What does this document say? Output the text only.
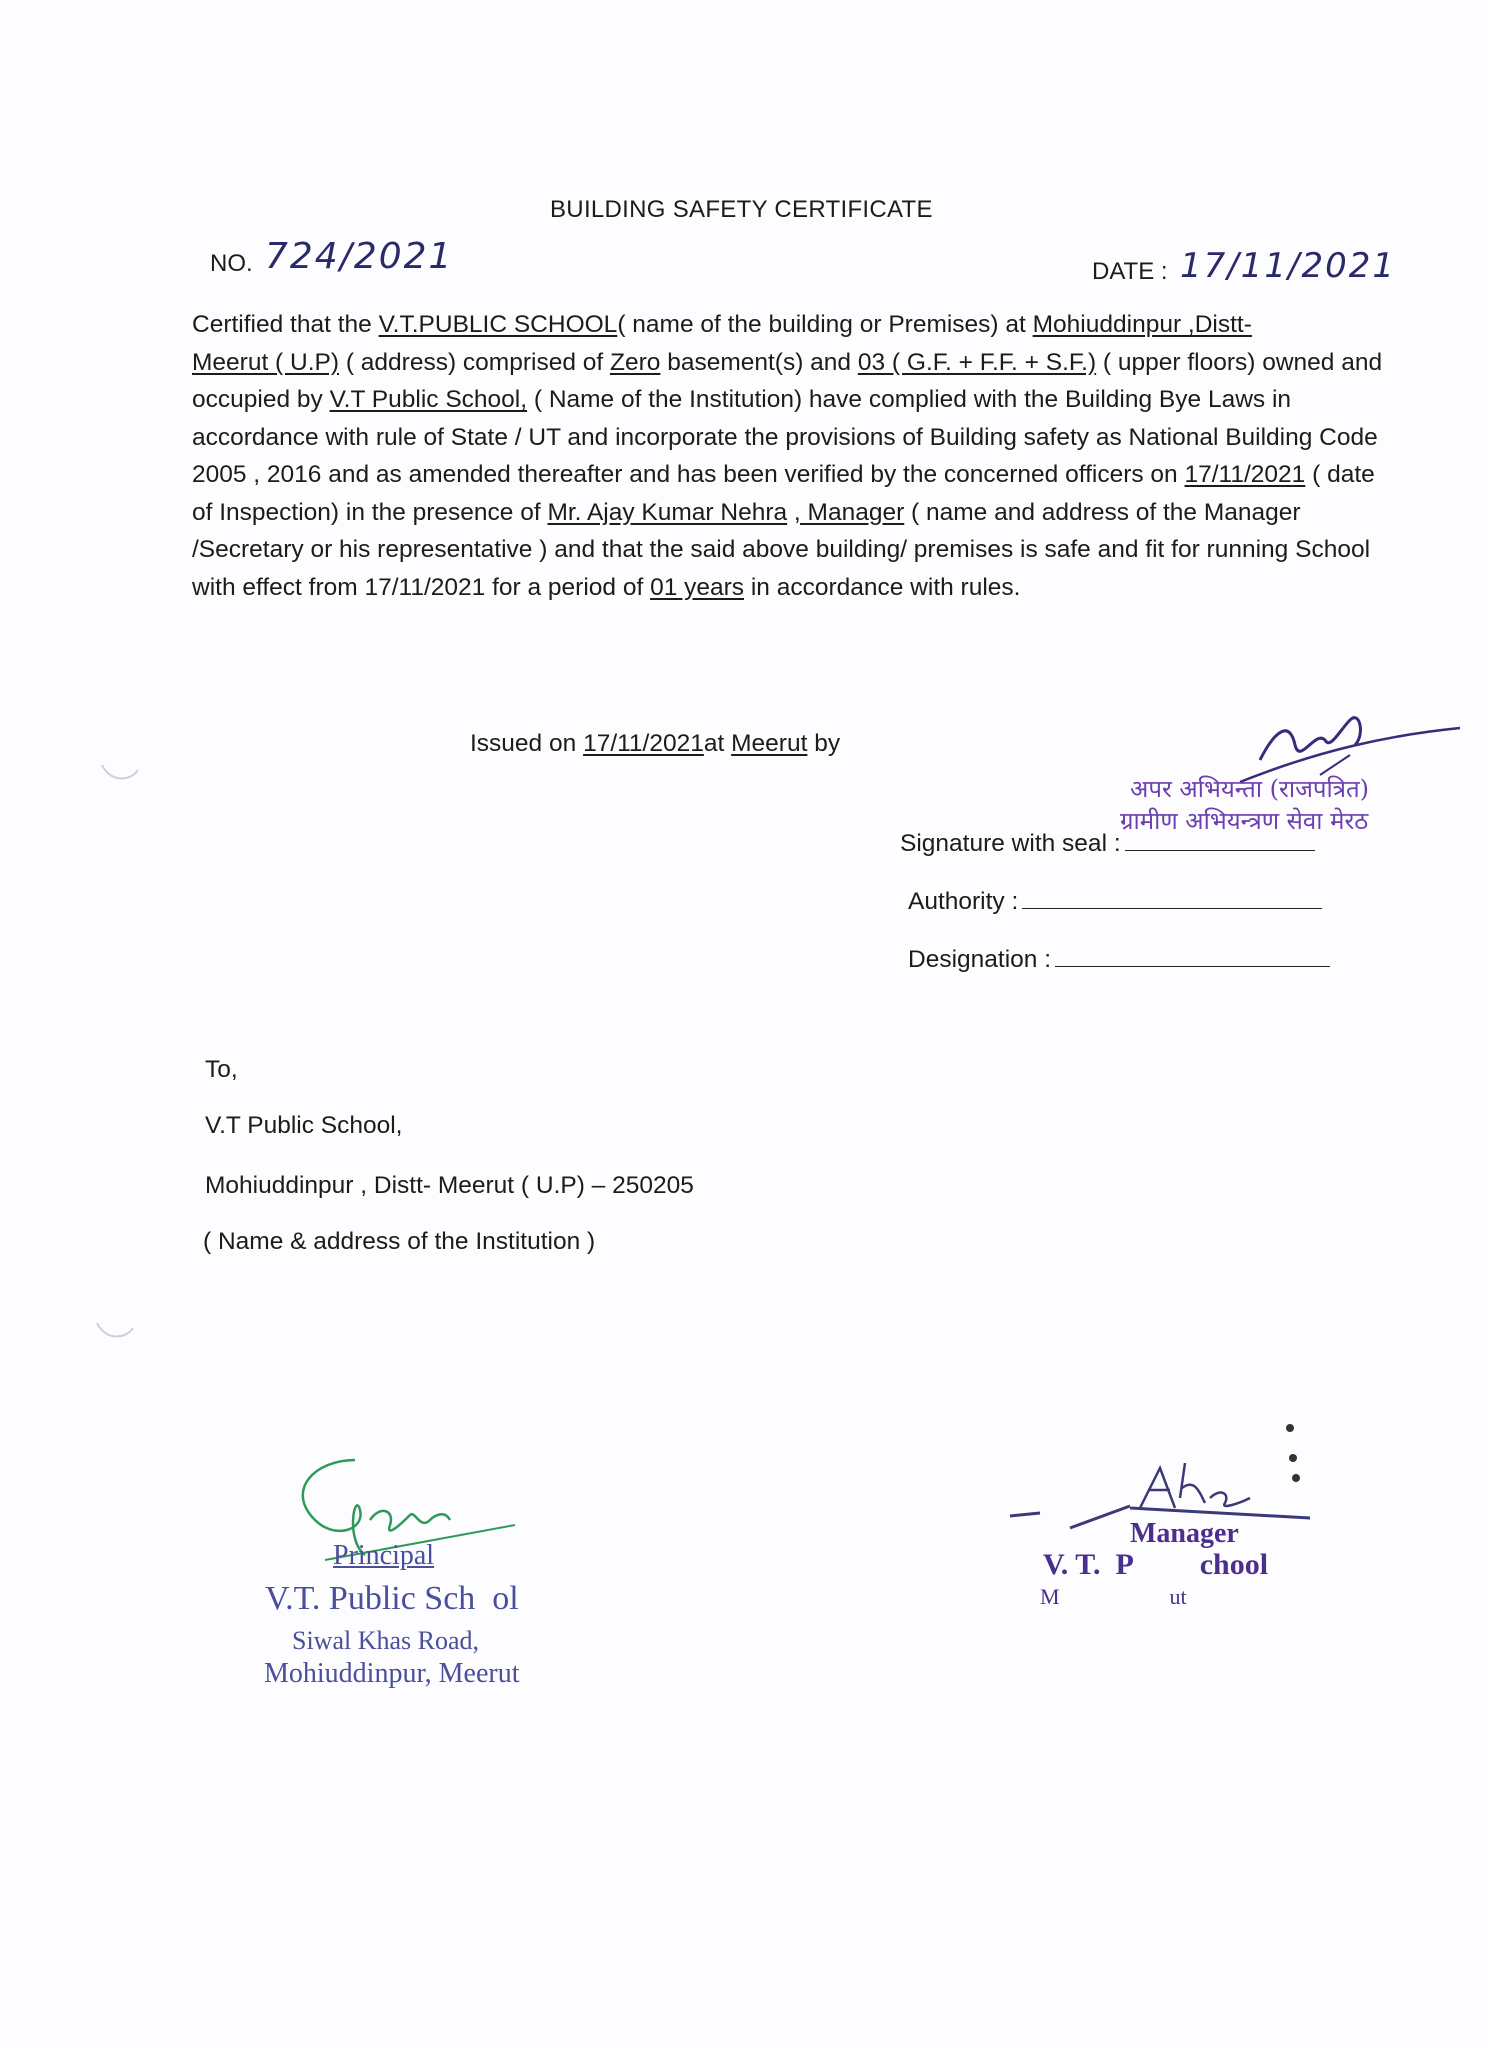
BUILDING SAFETY CERTIFICATE
NO. 724/2021	DATE : 17/11/2021
Certified that the V.T.PUBLIC SCHOOL( name of the building or Premises) at Mohiuddinpur ,Distt-
Meerut ( U.P) ( address) comprised of Zero basement(s) and 03 ( G.F. + F.F. + S.F.) ( upper floors) owned and occupied by V.T Public School, ( Name of the Institution) have complied with the Building Bye Laws in accordance with rule of State / UT and incorporate the provisions of Building safety as National Building Code 2005 , 2016 and as amended thereafter and has been verified by the concerned officers on 17/11/2021 ( date of Inspection) in the presence of Mr. Ajay Kumar Nehra , Manager ( name and address of the Manager /Secretary or his representative ) and that the said above building/ premises is safe and fit for running School with effect from 17/11/2021 for a period of 01 years in accordance with rules.
Issued on 17/11/2021at Meerut by
अपर अभियन्ता (राजपत्रित)
ग्रामीण अभियन्त्रण सेवा मेरठ
Signature with seal :
Authority :
Designation :
To,
V.T Public School,
Mohiuddinpur , Distt- Meerut ( U.P) – 250205
( Name & address of the Institution )
Principal
V.T. Public Sch  ol
Siwal Khas Road,
Mohiuddinpur, Meerut
Manager
V. T.  P         chool
M                    ut
